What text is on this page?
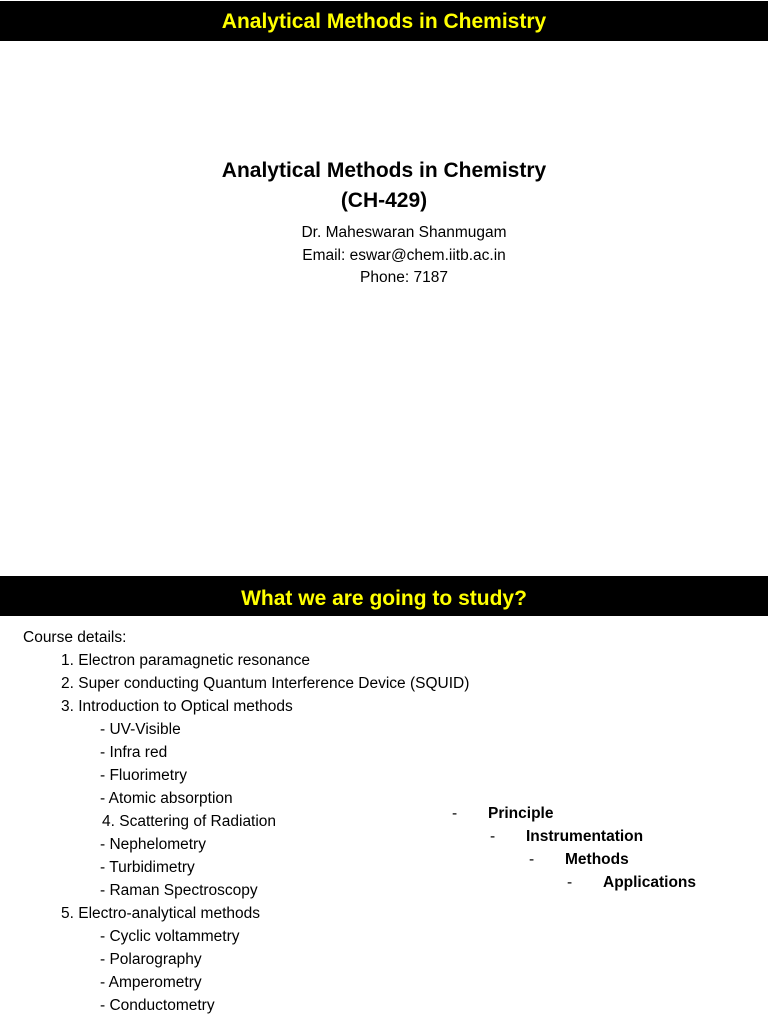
Analytical Methods in Chemistry
Analytical Methods in Chemistry
(CH-429)
Dr. Maheswaran Shanmugam
Email: eswar@chem.iitb.ac.in
Phone: 7187
What we are going to study?
Course details:
1. Electron paramagnetic resonance
2. Super conducting Quantum Interference Device (SQUID)
3. Introduction to Optical methods
- UV-Visible
- Infra red
- Fluorimetry
- Atomic absorption
4. Scattering of Radiation
- Nephelometry
- Turbidimetry
- Raman Spectroscopy
5. Electro-analytical methods
- Cyclic voltammetry
- Polarography
- Amperometry
- Conductometry
- Principle
- Instrumentation
- Methods
- Applications
